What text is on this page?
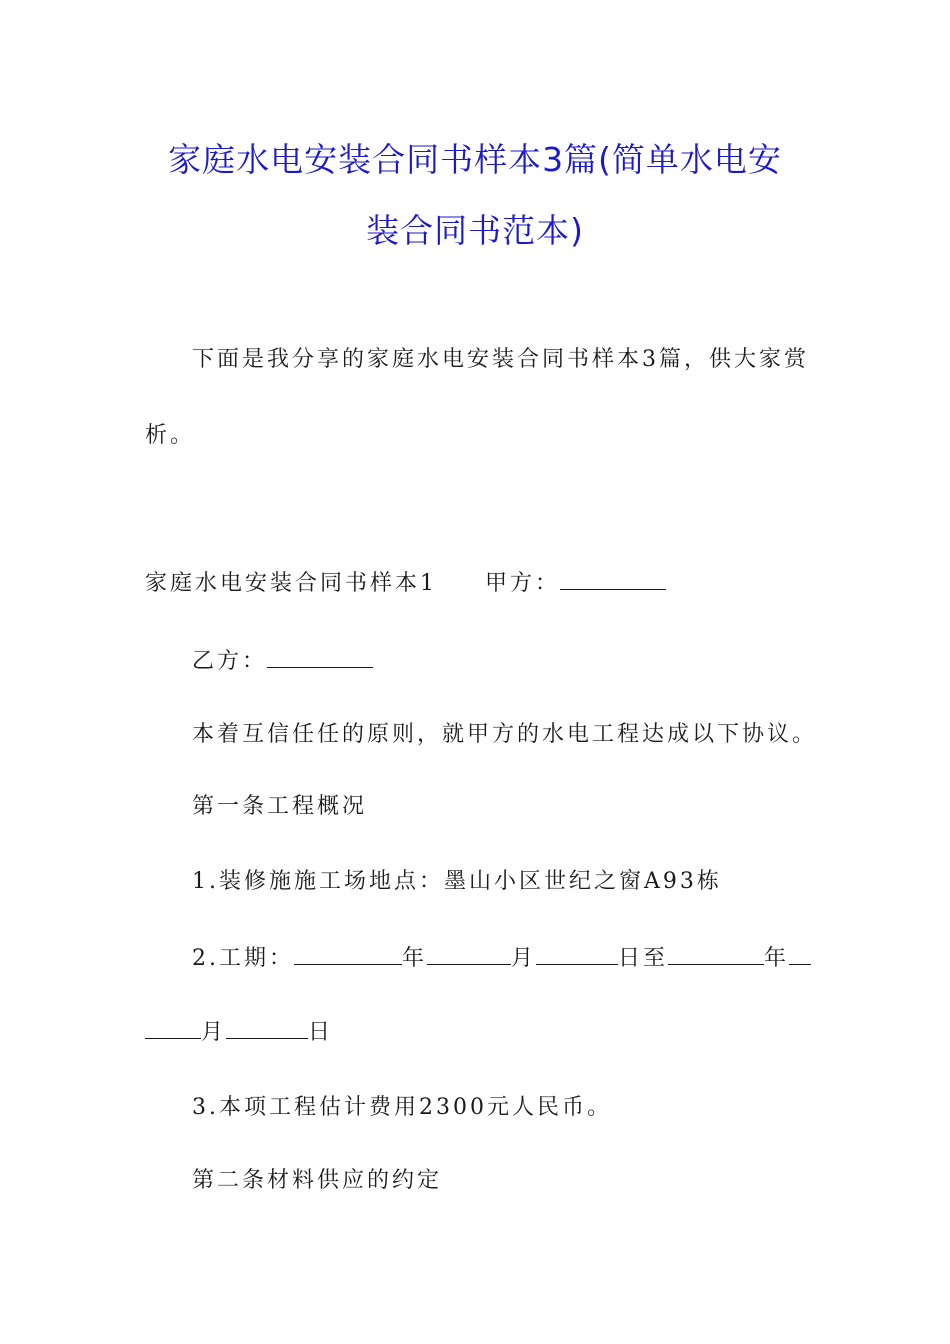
家庭水电安装合同书样本3篇(简单水电安
装合同书范本)
下面是我分享的家庭水电安装合同书样本3篇，供大家赏
析。
家庭水电安装合同书样本1 甲方：
乙方：
本着互信任任的原则，就甲方的水电工程达成以下协议。
第一条工程概况
1.装修施施工场地点：墨山小区世纪之窗A93栋
2.工期：	年	月	日至	年
月	日
3.本项工程估计费用2300元人民币。
第二条材料供应的约定
